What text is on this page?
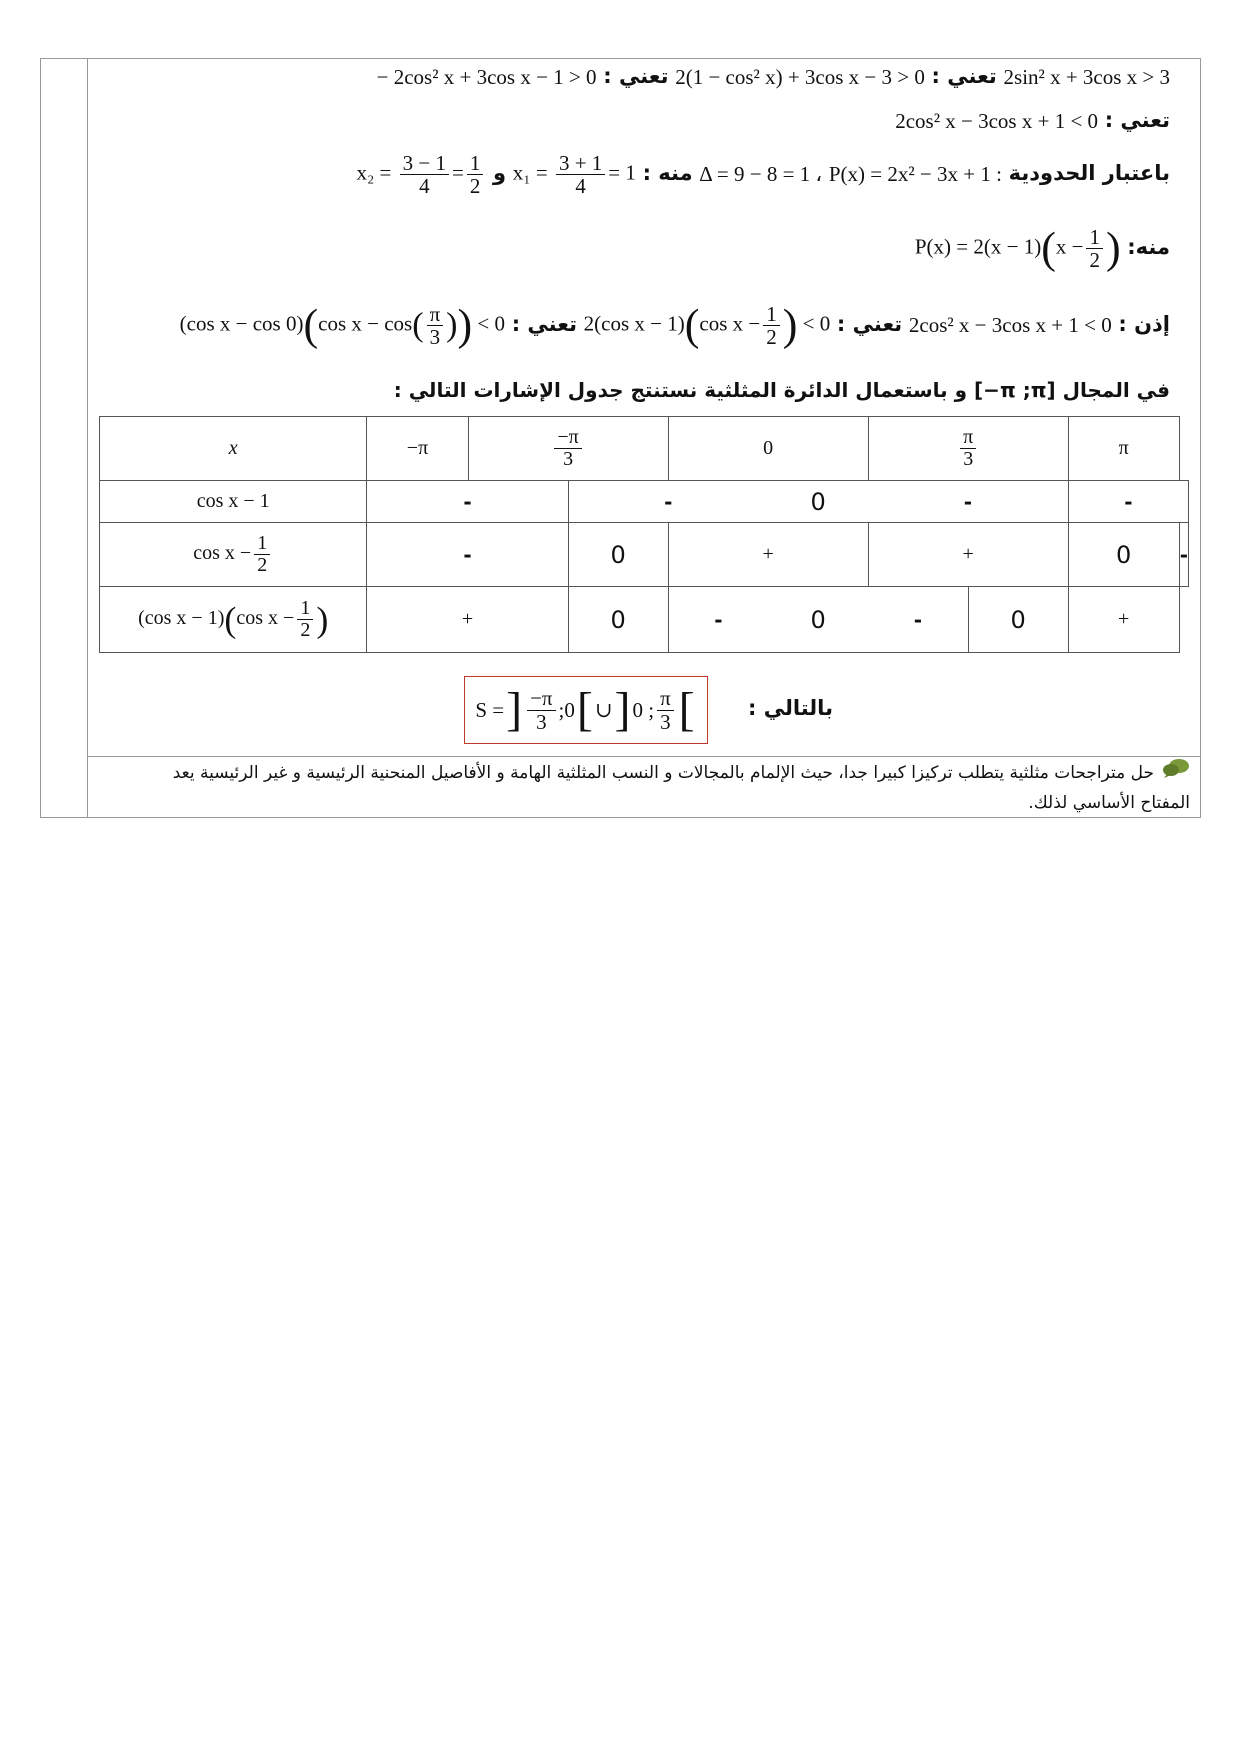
2sin² x + 3cos x > 3 تعني : 2(1 − cos² x) + 3cos x − 3 > 0 تعني : − 2cos² x + 3cos x − 1 > 0
تعني : 2cos² x − 3cos x + 1 < 0
باعتبار الحدودية P(x) = 2x² − 3x + 1 : Δ = 9 − 8 = 1 ، منه : $x_1 = \frac{3 + 1}{4} = 1$ و $x_2 = \frac{3 - 1}{4} = \frac{1}{2}$
منه: $P(x) = 2(x - 1)(x - \frac{1}{2}$ )
إذن : 2cos² x − 3cos x + 1 < 0 تعني : 2(cos x − 1)(cos $x - \frac{1}{2}$ ) < 0 تعني : (cos x − cos 0)(cos $x - \cos( \frac{\pi}{3}$ )) < 0
في المجال [π ;π−] و باستعمال الدائرة المثلثية نستنتج جدول الإشارات التالي :
x	−π	$\frac{-\pi}{3}$		0		$\frac{\pi}{3}$		π	
cos x − 1	-		-		0	-		-	
$\cos x - \frac{1}{2}$	-		0	+		+		0	-
(cos x − 1)(cos $x - \frac{1}{2}$ )	+		0	-	0	-	0	+	
بالتالي :
S = ] $\frac{-\pi}{3}$ ;0 [ ∪ ] 0 ; $\frac{\pi}{3}$ [
حل متراجحات مثلثية يتطلب تركيزا كبيرا جدا، حيث الإلمام بالمجالات و النسب المثلثية الهامة و الأفاصيل المنحنية الرئيسية و غير الرئيسية يعد المفتاح الأساسي لذلك.
